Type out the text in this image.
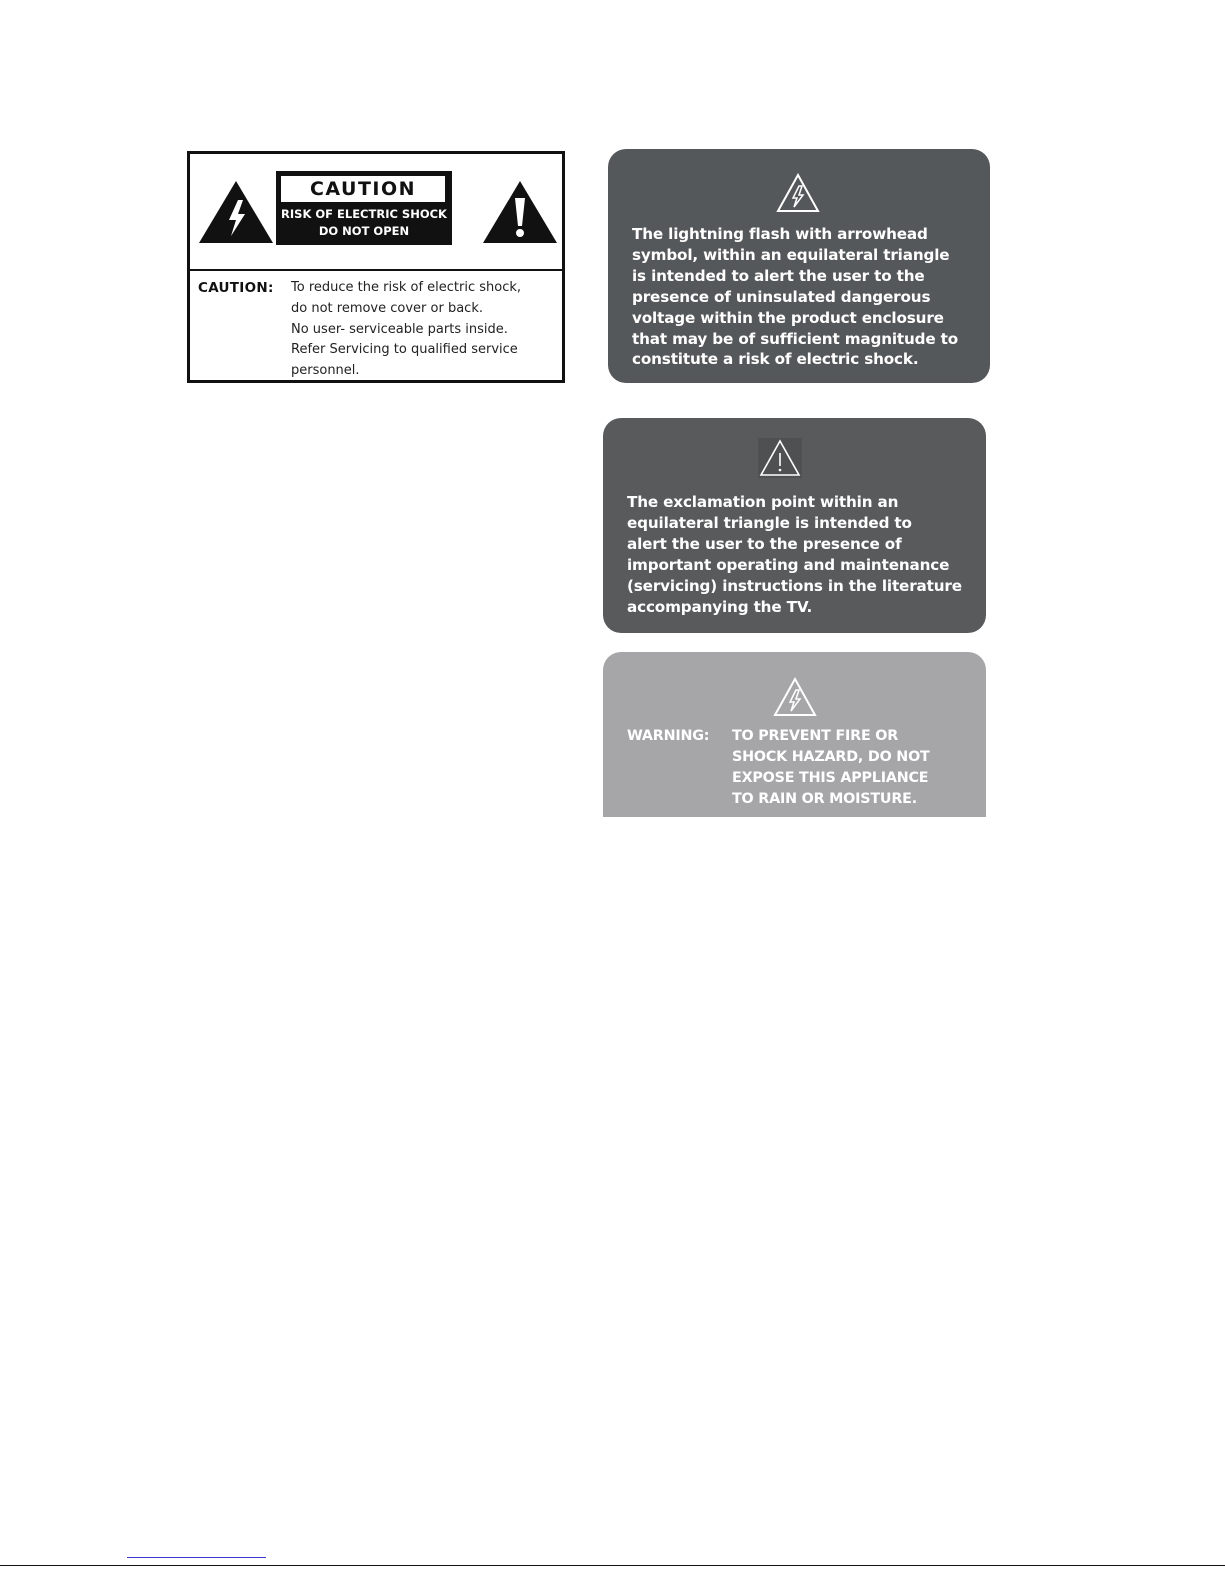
CAUTION
RISK OF ELECTRIC SHOCK
DO NOT OPEN
CAUTION: To reduce the risk of electric shock,
do not remove cover or back.
No user- serviceable parts inside.
Refer Servicing to qualified service
personnel.
The lightning flash with arrowhead
symbol, within an equilateral triangle
is intended to alert the user to the
presence of uninsulated dangerous
voltage within the product enclosure
that may be of sufficient magnitude to
constitute a risk of electric shock.
The exclamation point within an
equilateral triangle is intended to
alert the user to the presence of
important operating and maintenance
(servicing) instructions in the literature
accompanying the TV.
WARNING: TO PREVENT FIRE OR
SHOCK HAZARD, DO NOT
EXPOSE THIS APPLIANCE
TO RAIN OR MOISTURE.
